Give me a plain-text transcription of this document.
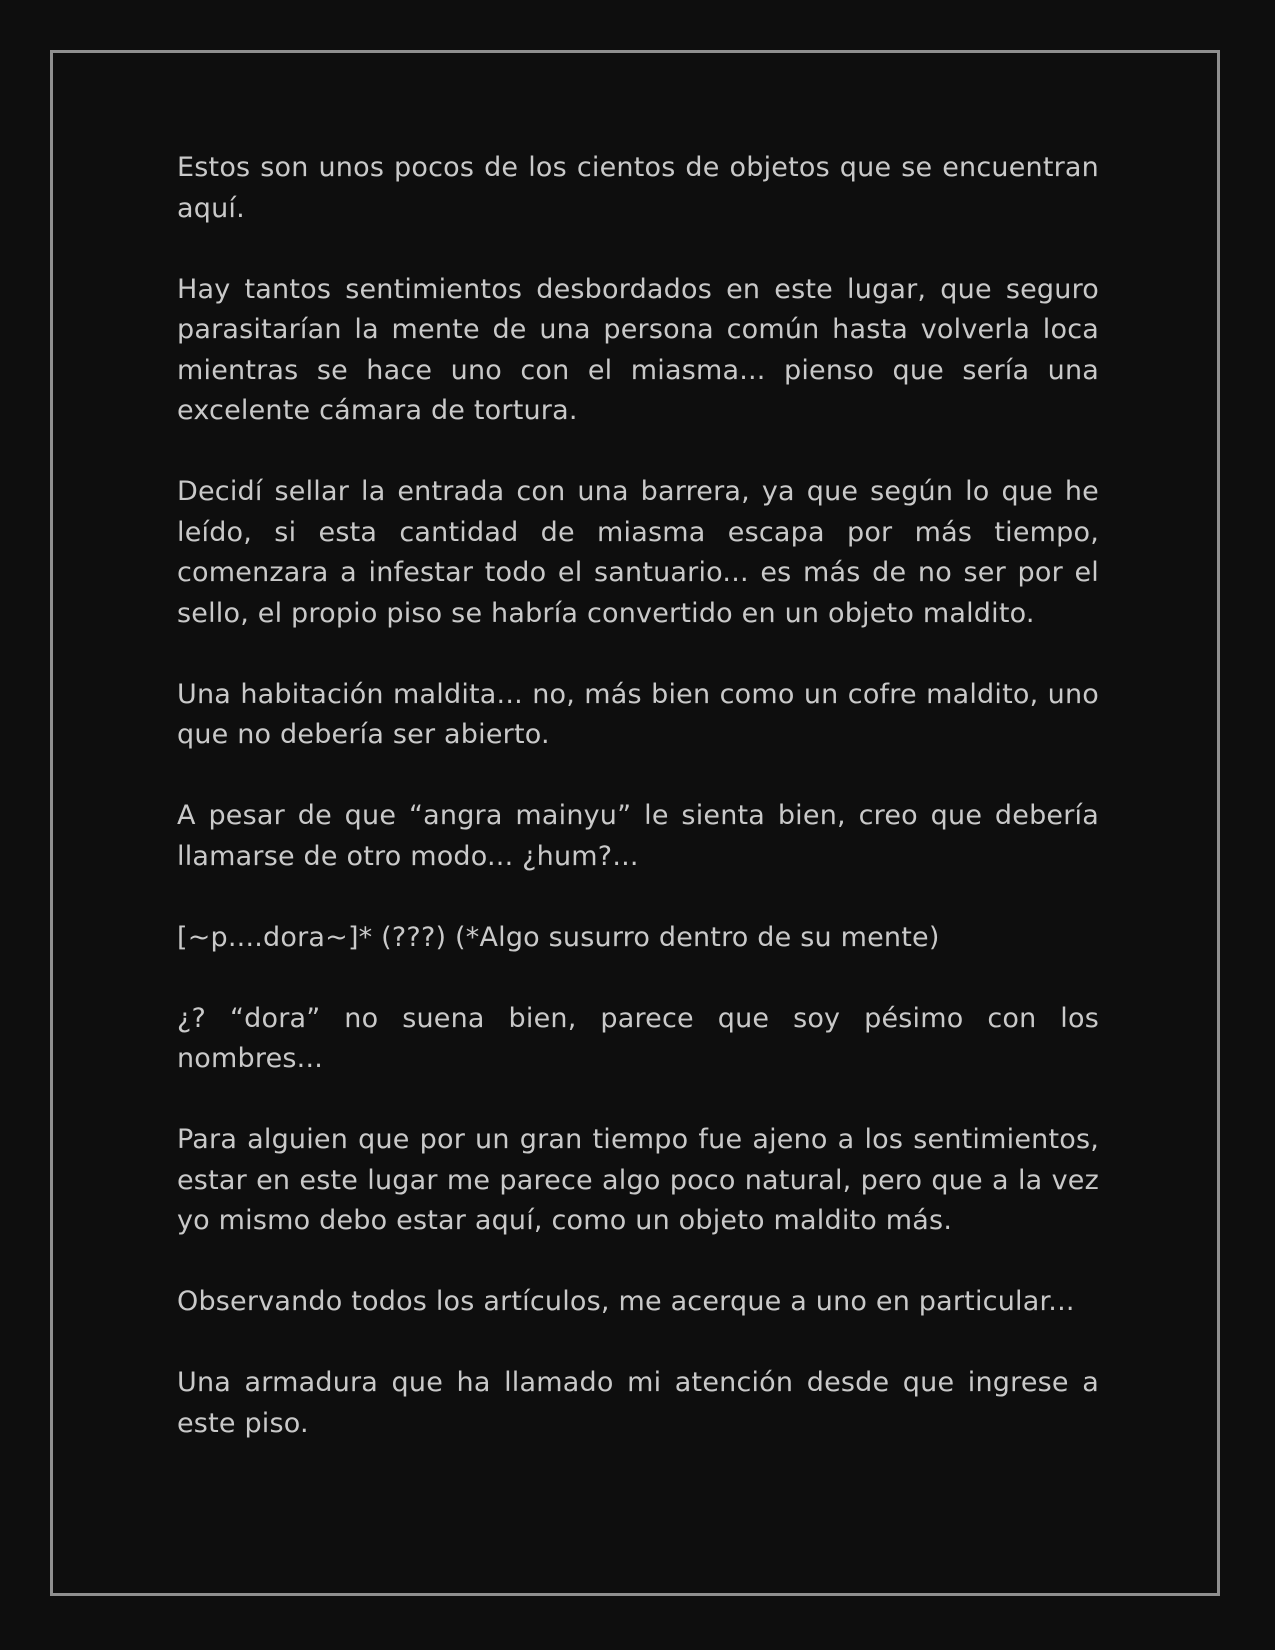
Estos son unos pocos de los cientos de objetos que se encuentran aquí.

Hay tantos sentimientos desbordados en este lugar, que seguro parasitarían la mente de una persona común hasta volverla loca mientras se hace uno con el miasma... pienso que sería una excelente cámara de tortura.

Decidí sellar la entrada con una barrera, ya que según lo que he leído, si esta cantidad de miasma escapa por más tiempo, comenzara a infestar todo el santuario... es más de no ser por el sello, el propio piso se habría convertido en un objeto maldito.

Una habitación maldita... no, más bien como un cofre maldito, uno que no debería ser abierto.

A pesar de que “angra mainyu” le sienta bien, creo que debería llamarse de otro modo... ¿hum?...

[~p....dora~]* (???) (*Algo susurro dentro de su mente)

¿? “dora” no suena bien, parece que soy pésimo con los nombres...

Para alguien que por un gran tiempo fue ajeno a los sentimientos, estar en este lugar me parece algo poco natural, pero que a la vez yo mismo debo estar aquí, como un objeto maldito más.

Observando todos los artículos, me acerque a uno en particular...

Una armadura que ha llamado mi atención desde que ingrese a este piso.
